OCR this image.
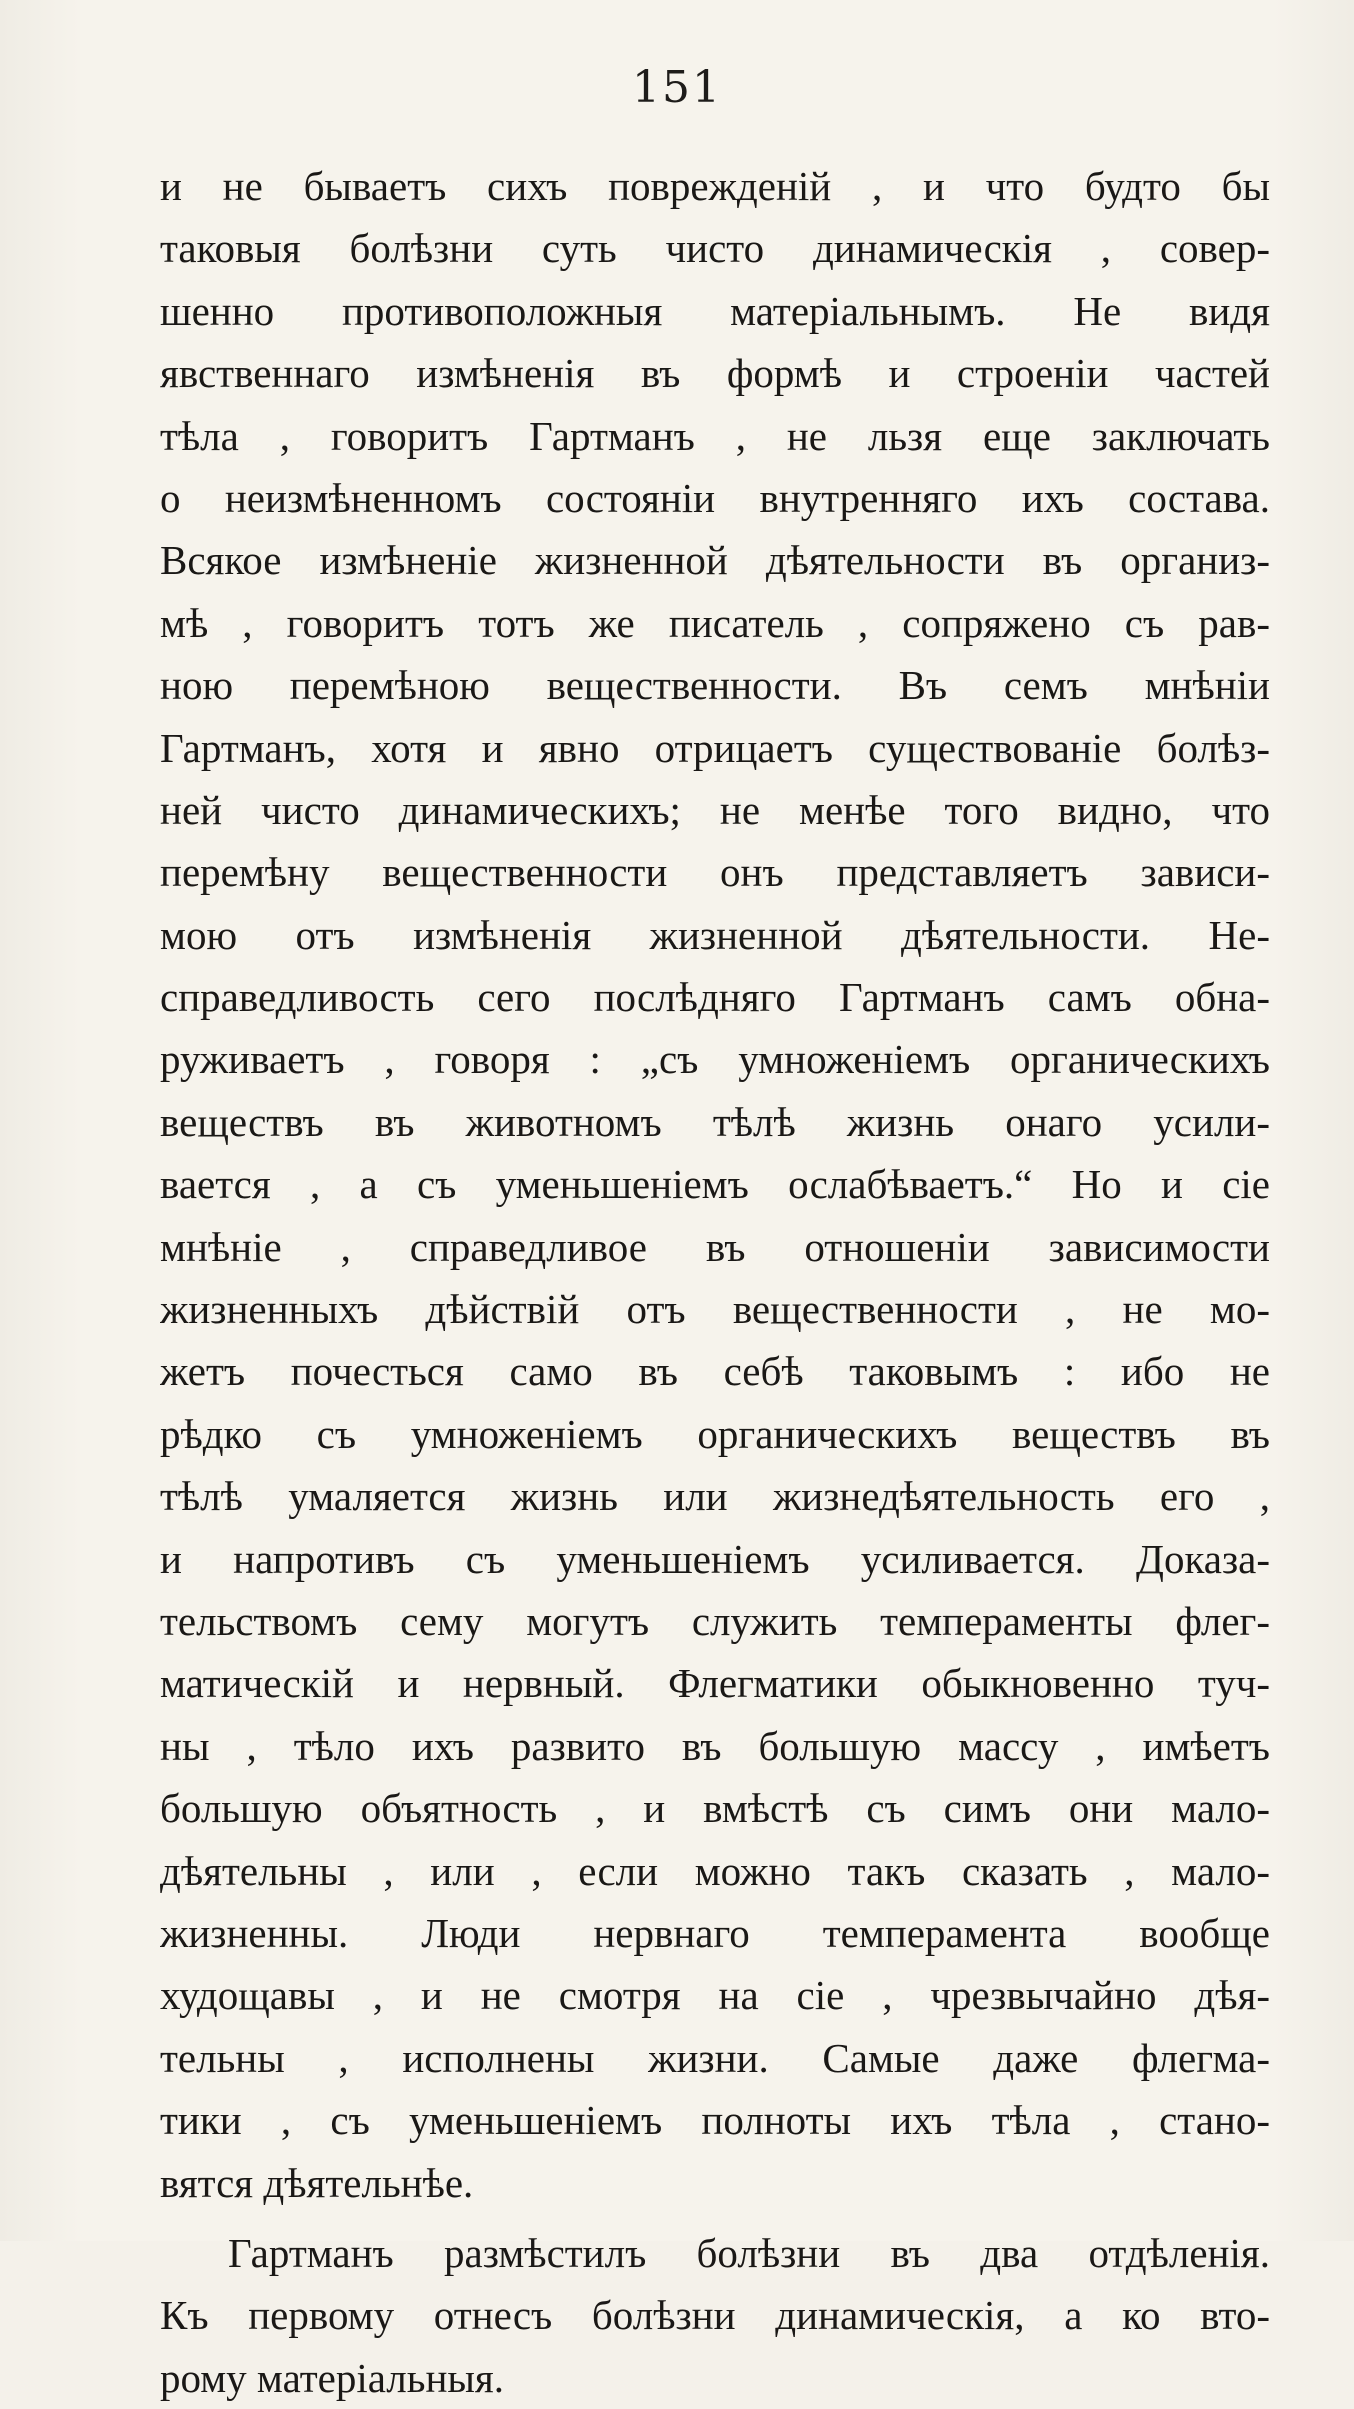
151
и не бываетъ сихъ поврежденій , и что будто бы
таковыя болѣзни суть чисто динамическія , совер-
шенно противоположныя матеріальнымъ. Не видя
явственнаго измѣненія въ формѣ и строеніи частей
тѣла , говоритъ Гартманъ , не льзя еще заключать
о неизмѣненномъ состояніи внутренняго ихъ состава.
Всякое измѣненіе жизненной дѣятельности въ организ-
мѣ , говоритъ тотъ же писатель , сопряжено съ рав-
ною перемѣною вещественности. Въ семъ мнѣніи
Гартманъ, хотя и явно отрицаетъ существованіе болѣз-
ней чисто динамическихъ; не менѣе того видно, что
перемѣну вещественности онъ представляетъ зависи-
мою отъ измѣненія жизненной дѣятельности. Не-
справедливость сего послѣдняго Гартманъ самъ обна-
руживаетъ , говоря : „съ умноженіемъ органическихъ
веществъ въ животномъ тѣлѣ жизнь онаго усили-
вается , а съ уменьшеніемъ ослабѣваетъ.“ Но и сіе
мнѣніе , справедливое въ отношеніи зависимости
жизненныхъ дѣйствій отъ вещественности , не мо-
жетъ почесться само въ себѣ таковымъ : ибо не
рѣдко съ умноженіемъ органическихъ веществъ въ
тѣлѣ умаляется жизнь или жизнедѣятельность его ,
и напротивъ съ уменьшеніемъ усиливается. Доказа-
тельствомъ сему могутъ служить темпераменты флег-
матическій и нервный. Флегматики обыкновенно туч-
ны , тѣло ихъ развито въ большую массу , имѣетъ
большую объятность , и вмѣстѣ съ симъ они мало-
дѣятельны , или , если можно такъ сказать , мало-
жизненны. Люди нервнаго темперамента вообще
худощавы , и не смотря на сіе , чрезвычайно дѣя-
тельны , исполнены жизни. Самые даже флегма-
тики , съ уменьшеніемъ полноты ихъ тѣла , стано-
вятся дѣятельнѣе.
Гартманъ размѣстилъ болѣзни въ два отдѣленія.
Къ первому отнесъ болѣзни динамическія, а ко вто-
рому матеріальныя.
